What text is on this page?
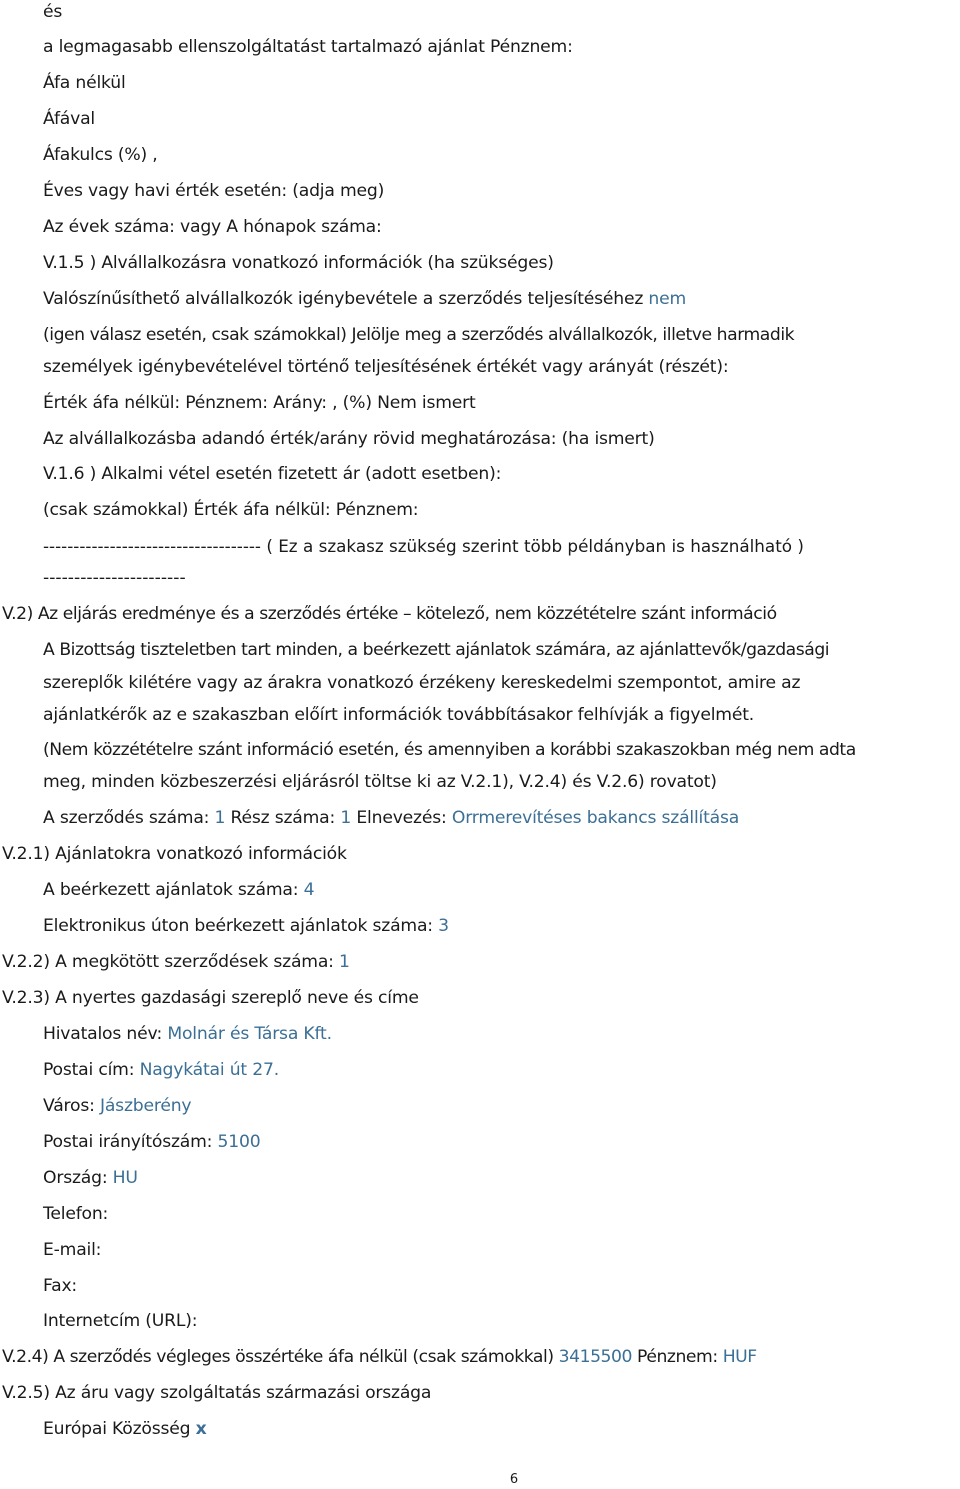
és
a legmagasabb ellenszolgáltatást tartalmazó ajánlat Pénznem:
Áfa nélkül
Áfával
Áfakulcs (%) ,
Éves vagy havi érték esetén: (adja meg)
Az évek száma: vagy A hónapok száma:
V.1.5 ) Alvállalkozásra vonatkozó információk (ha szükséges)
Valószínűsíthető alvállalkozók igénybevétele a szerződés teljesítéséhez nem
(igen válasz esetén, csak számokkal) Jelölje meg a szerződés alvállalkozók, illetve harmadik
személyek igénybevételével történő teljesítésének értékét vagy arányát (részét):
Érték áfa nélkül: Pénznem: Arány: , (%) Nem ismert
Az alvállalkozásba adandó érték/arány rövid meghatározása: (ha ismert)
V.1.6 ) Alkalmi vétel esetén fizetett ár (adott esetben):
(csak számokkal) Érték áfa nélkül: Pénznem:
------------------------------------ ( Ez a szakasz szükség szerint több példányban is használható )
-----------------------
V.2) Az eljárás eredménye és a szerződés értéke – kötelező, nem közzétételre szánt információ
A Bizottság tiszteletben tart minden, a beérkezett ajánlatok számára, az ajánlattevők/gazdasági
szereplők kilétére vagy az árakra vonatkozó érzékeny kereskedelmi szempontot, amire az
ajánlatkérők az e szakaszban előírt információk továbbításakor felhívják a figyelmét.
(Nem közzétételre szánt információ esetén, és amennyiben a korábbi szakaszokban még nem adta
meg, minden közbeszerzési eljárásról töltse ki az V.2.1), V.2.4) és V.2.6) rovatot)
A szerződés száma: 1 Rész száma: 1 Elnevezés: Orrmerevítéses bakancs szállítása
V.2.1) Ajánlatokra vonatkozó információk
A beérkezett ajánlatok száma: 4
Elektronikus úton beérkezett ajánlatok száma: 3
V.2.2) A megkötött szerződések száma: 1
V.2.3) A nyertes gazdasági szereplő neve és címe
Hivatalos név: Molnár és Társa Kft.
Postai cím: Nagykátai út 27.
Város: Jászberény
Postai irányítószám: 5100
Ország: HU
Telefon:
E-mail:
Fax:
Internetcím (URL):
V.2.4) A szerződés végleges összértéke áfa nélkül (csak számokkal) 3415500 Pénznem: HUF
V.2.5) Az áru vagy szolgáltatás származási országa
Európai Közösség x
6
